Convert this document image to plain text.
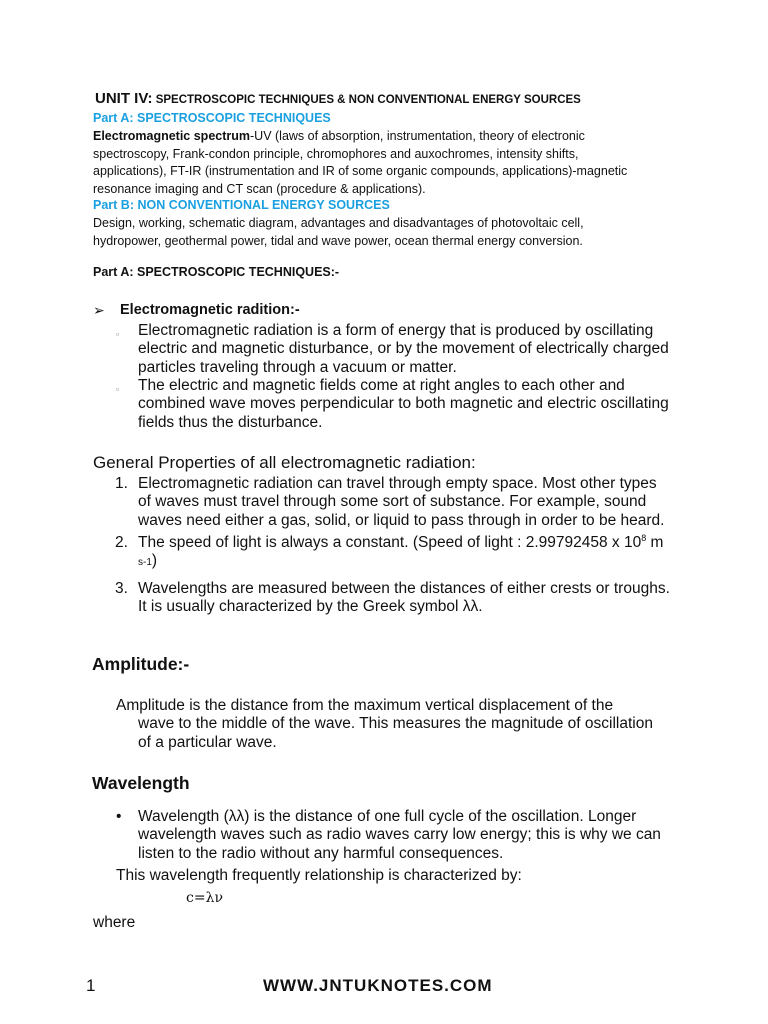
UNIT IV: SPECTROSCOPIC TECHNIQUES & NON CONVENTIONAL ENERGY SOURCES
Part A: SPECTROSCOPIC TECHNIQUES
Electromagnetic spectrum-UV (laws of absorption, instrumentation, theory of electronic
spectroscopy, Frank-condon principle, chromophores and auxochromes, intensity shifts,
applications), FT-IR (instrumentation and IR of some organic compounds, applications)-magnetic
resonance imaging and CT scan (procedure & applications).
Part B: NON CONVENTIONAL ENERGY SOURCES
Design, working, schematic diagram, advantages and disadvantages of photovoltaic cell,
hydropower, geothermal power, tidal and wave power, ocean thermal energy conversion.
Part A: SPECTROSCOPIC TECHNIQUES:-
➢ Electromagnetic radition:-
▫ Electromagnetic radiation is a form of energy that is produced by oscillating
electric and magnetic disturbance, or by the movement of electrically charged
particles traveling through a vacuum or matter.
▫ The electric and magnetic fields come at right angles to each other and
combined wave moves perpendicular to both magnetic and electric oscillating
fields thus the disturbance.
General Properties of all electromagnetic radiation:
1. Electromagnetic radiation can travel through empty space. Most other types
of waves must travel through some sort of substance. For example, sound
waves need either a gas, solid, or liquid to pass through in order to be heard.
2. The speed of light is always a constant. (Speed of light : 2.99792458 x $10^8$ m
s-1)
3. Wavelengths are measured between the distances of either crests or troughs.
It is usually characterized by the Greek symbol λλ.
Amplitude:-
Amplitude is the distance from the maximum vertical displacement of the
wave to the middle of the wave. This measures the magnitude of oscillation
of a particular wave.
Wavelength
• Wavelength (λλ) is the distance of one full cycle of the oscillation. Longer
wavelength waves such as radio waves carry low energy; this is why we can
listen to the radio without any harmful consequences.
This wavelength frequently relationship is characterized by:
c=λν
where
1	WWW.JNTUKNOTES.COM
